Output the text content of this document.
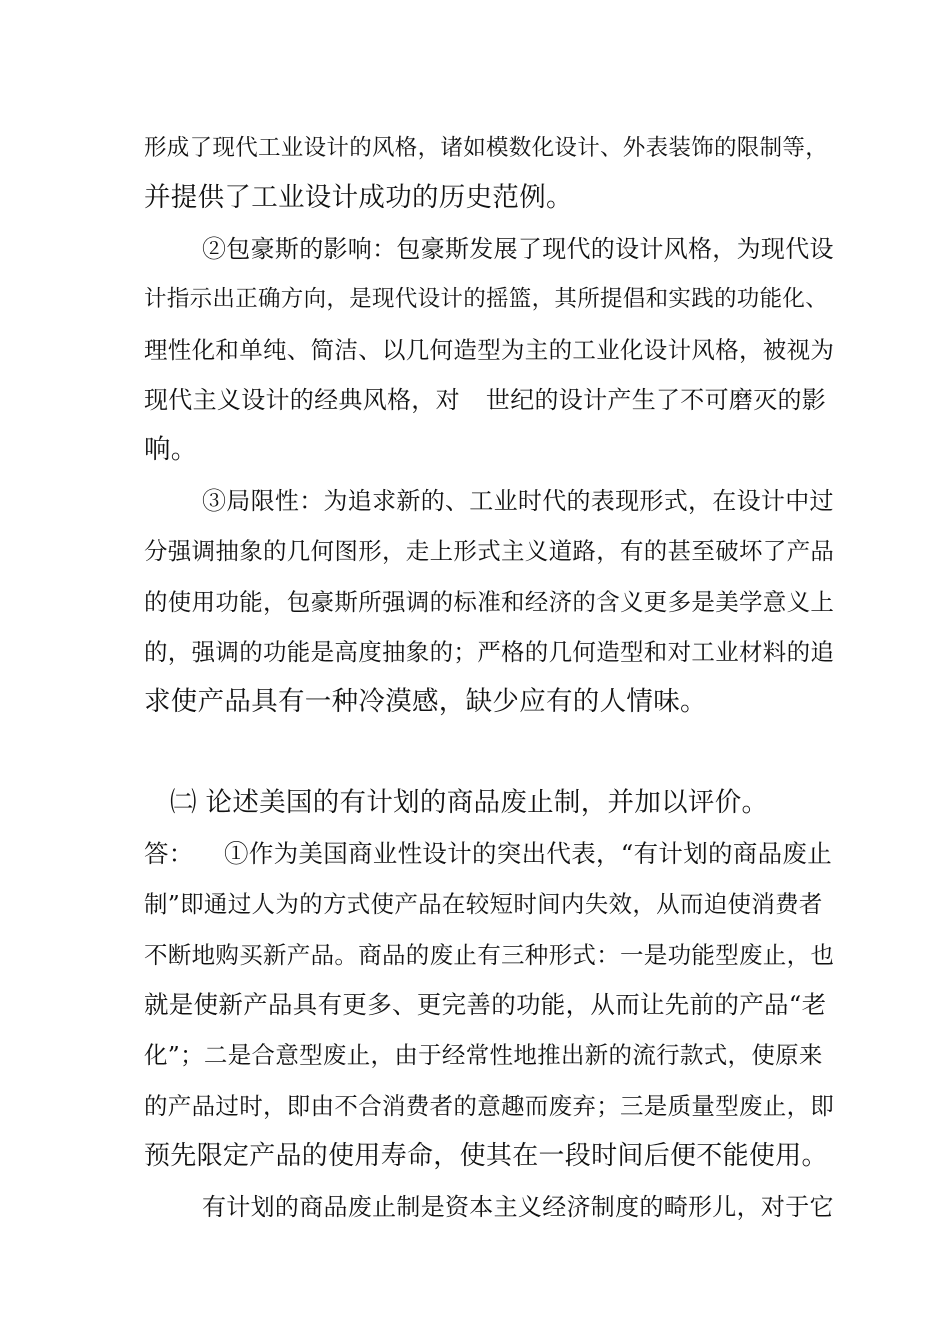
形成了现代工业设计的风格，诸如模数化设计、外表装饰的限制等，
并提供了工业设计成功的历史范例。
②包豪斯的影响：包豪斯发展了现代的设计风格，为现代设
计指示出正确方向，是现代设计的摇篮，其所提倡和实践的功能化、
理性化和单纯、简洁、以几何造型为主的工业化设计风格，被视为
现代主义设计的经典风格，对 世纪的设计产生了不可磨灭的影
响。
③局限性：为追求新的、工业时代的表现形式，在设计中过
分强调抽象的几何图形，走上形式主义道路，有的甚至破坏了产品
的使用功能，包豪斯所强调的标准和经济的含义更多是美学意义上
的，强调的功能是高度抽象的；严格的几何造型和对工业材料的追
求使产品具有一种冷漠感，缺少应有的人情味。
㈡ 论述美国的有计划的商品废止制，并加以评价。
答： ①作为美国商业性设计的突出代表，“有计划的商品废止
制”即通过人为的方式使产品在较短时间内失效，从而迫使消费者
不断地购买新产品。商品的废止有三种形式：一是功能型废止，也
就是使新产品具有更多、更完善的功能，从而让先前的产品“老
化”；二是合意型废止，由于经常性地推出新的流行款式，使原来
的产品过时，即由不合消费者的意趣而废弃；三是质量型废止，即
预先限定产品的使用寿命，使其在一段时间后便不能使用。
有计划的商品废止制是资本主义经济制度的畸形儿，对于它
